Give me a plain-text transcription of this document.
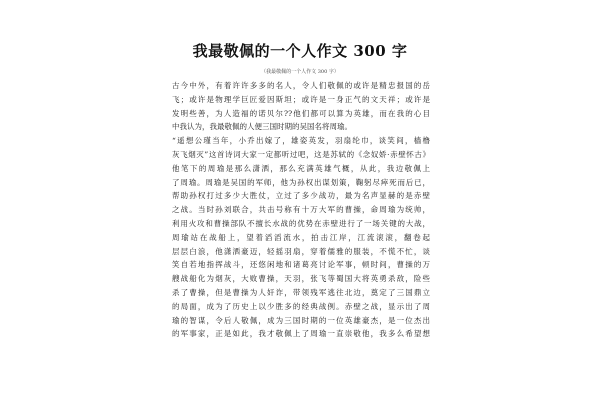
我最敬佩的一个人作文 300 字
（我最敬佩的一个人作文 300 字）
古今中外，有着许许多多的名人，令人们敬佩的或许是精忠报国的岳
飞；或许是物理学巨匠爱因斯坦；或许是一身正气的文天祥；或许是
发明些善，为人造福的诺贝尔??他们都可以算为英雄，而在我的心目
中我认为，我最敬佩的人便三国时期的吴国名将周瑜。
“遥想公瑾当年，小乔出嫁了，雄姿英发，羽扇纶巾，谈笑间，樯橹
灰飞烟灭”这首诗词大家一定都听过吧，这是苏轼的《念奴娇·赤壁怀古》
他笔下的周瑜是那么潇洒，那么充满英雄气概，从此，我边敬佩上
了周瑜。周瑜是吴国的军师，他为孙权出谋划策，鞠躬尽瘁死而后已，
帮助孙权打过多少大胜仗，立过了多少战功，最为名声显赫的是赤壁
之战。当时孙刘联合，共击号称有十万大军的曹操，命周瑜为统帅，
利用火攻和曹操部队不擅长水战的优势在赤壁进行了一场关键的大战，
周瑜站在战船上，望着滔滔流水，拍击江岸，江流滚滚，翻卷起
层层白浪，他潇洒豪迈，轻摇羽扇，穿着儒雅的服装，不慌不忙，谈
笑自若地指挥战斗，还悠闲地和诸葛亮讨论军事，顿时间，曹操的万
艘战船化为烟灰，大败曹操，天羽，张飞等蜀国大将英勇杀敌，险些
杀了曹操，但是曹操为人奸诈，带领残军逃往北边，奠定了三国鼎立
的局面，成为了历史上以少胜多的经典战例。赤壁之战，显示出了周
瑜的智谋，令后人敬佩，成为三国时期的一位英雄豪杰，是一位杰出
的军事家，正是如此，我才敬佩上了周瑜一直崇敬他，我多么希望想
